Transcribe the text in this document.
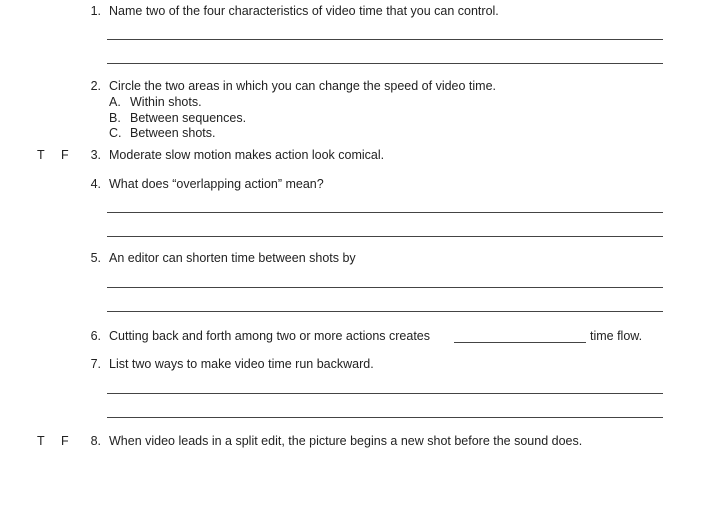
1. Name two of the four characteristics of video time that you can control.
2. Circle the two areas in which you can change the speed of video time.
A. Within shots.
B. Between sequences.
C. Between shots.
T F	3. Moderate slow motion makes action look comical.
4. What does “overlapping action” mean?
5. An editor can shorten time between shots by
6. Cutting back and forth among two or more actions creates	time flow.
7. List two ways to make video time run backward.
T F	8. When video leads in a split edit, the picture begins a new shot before the sound does.
